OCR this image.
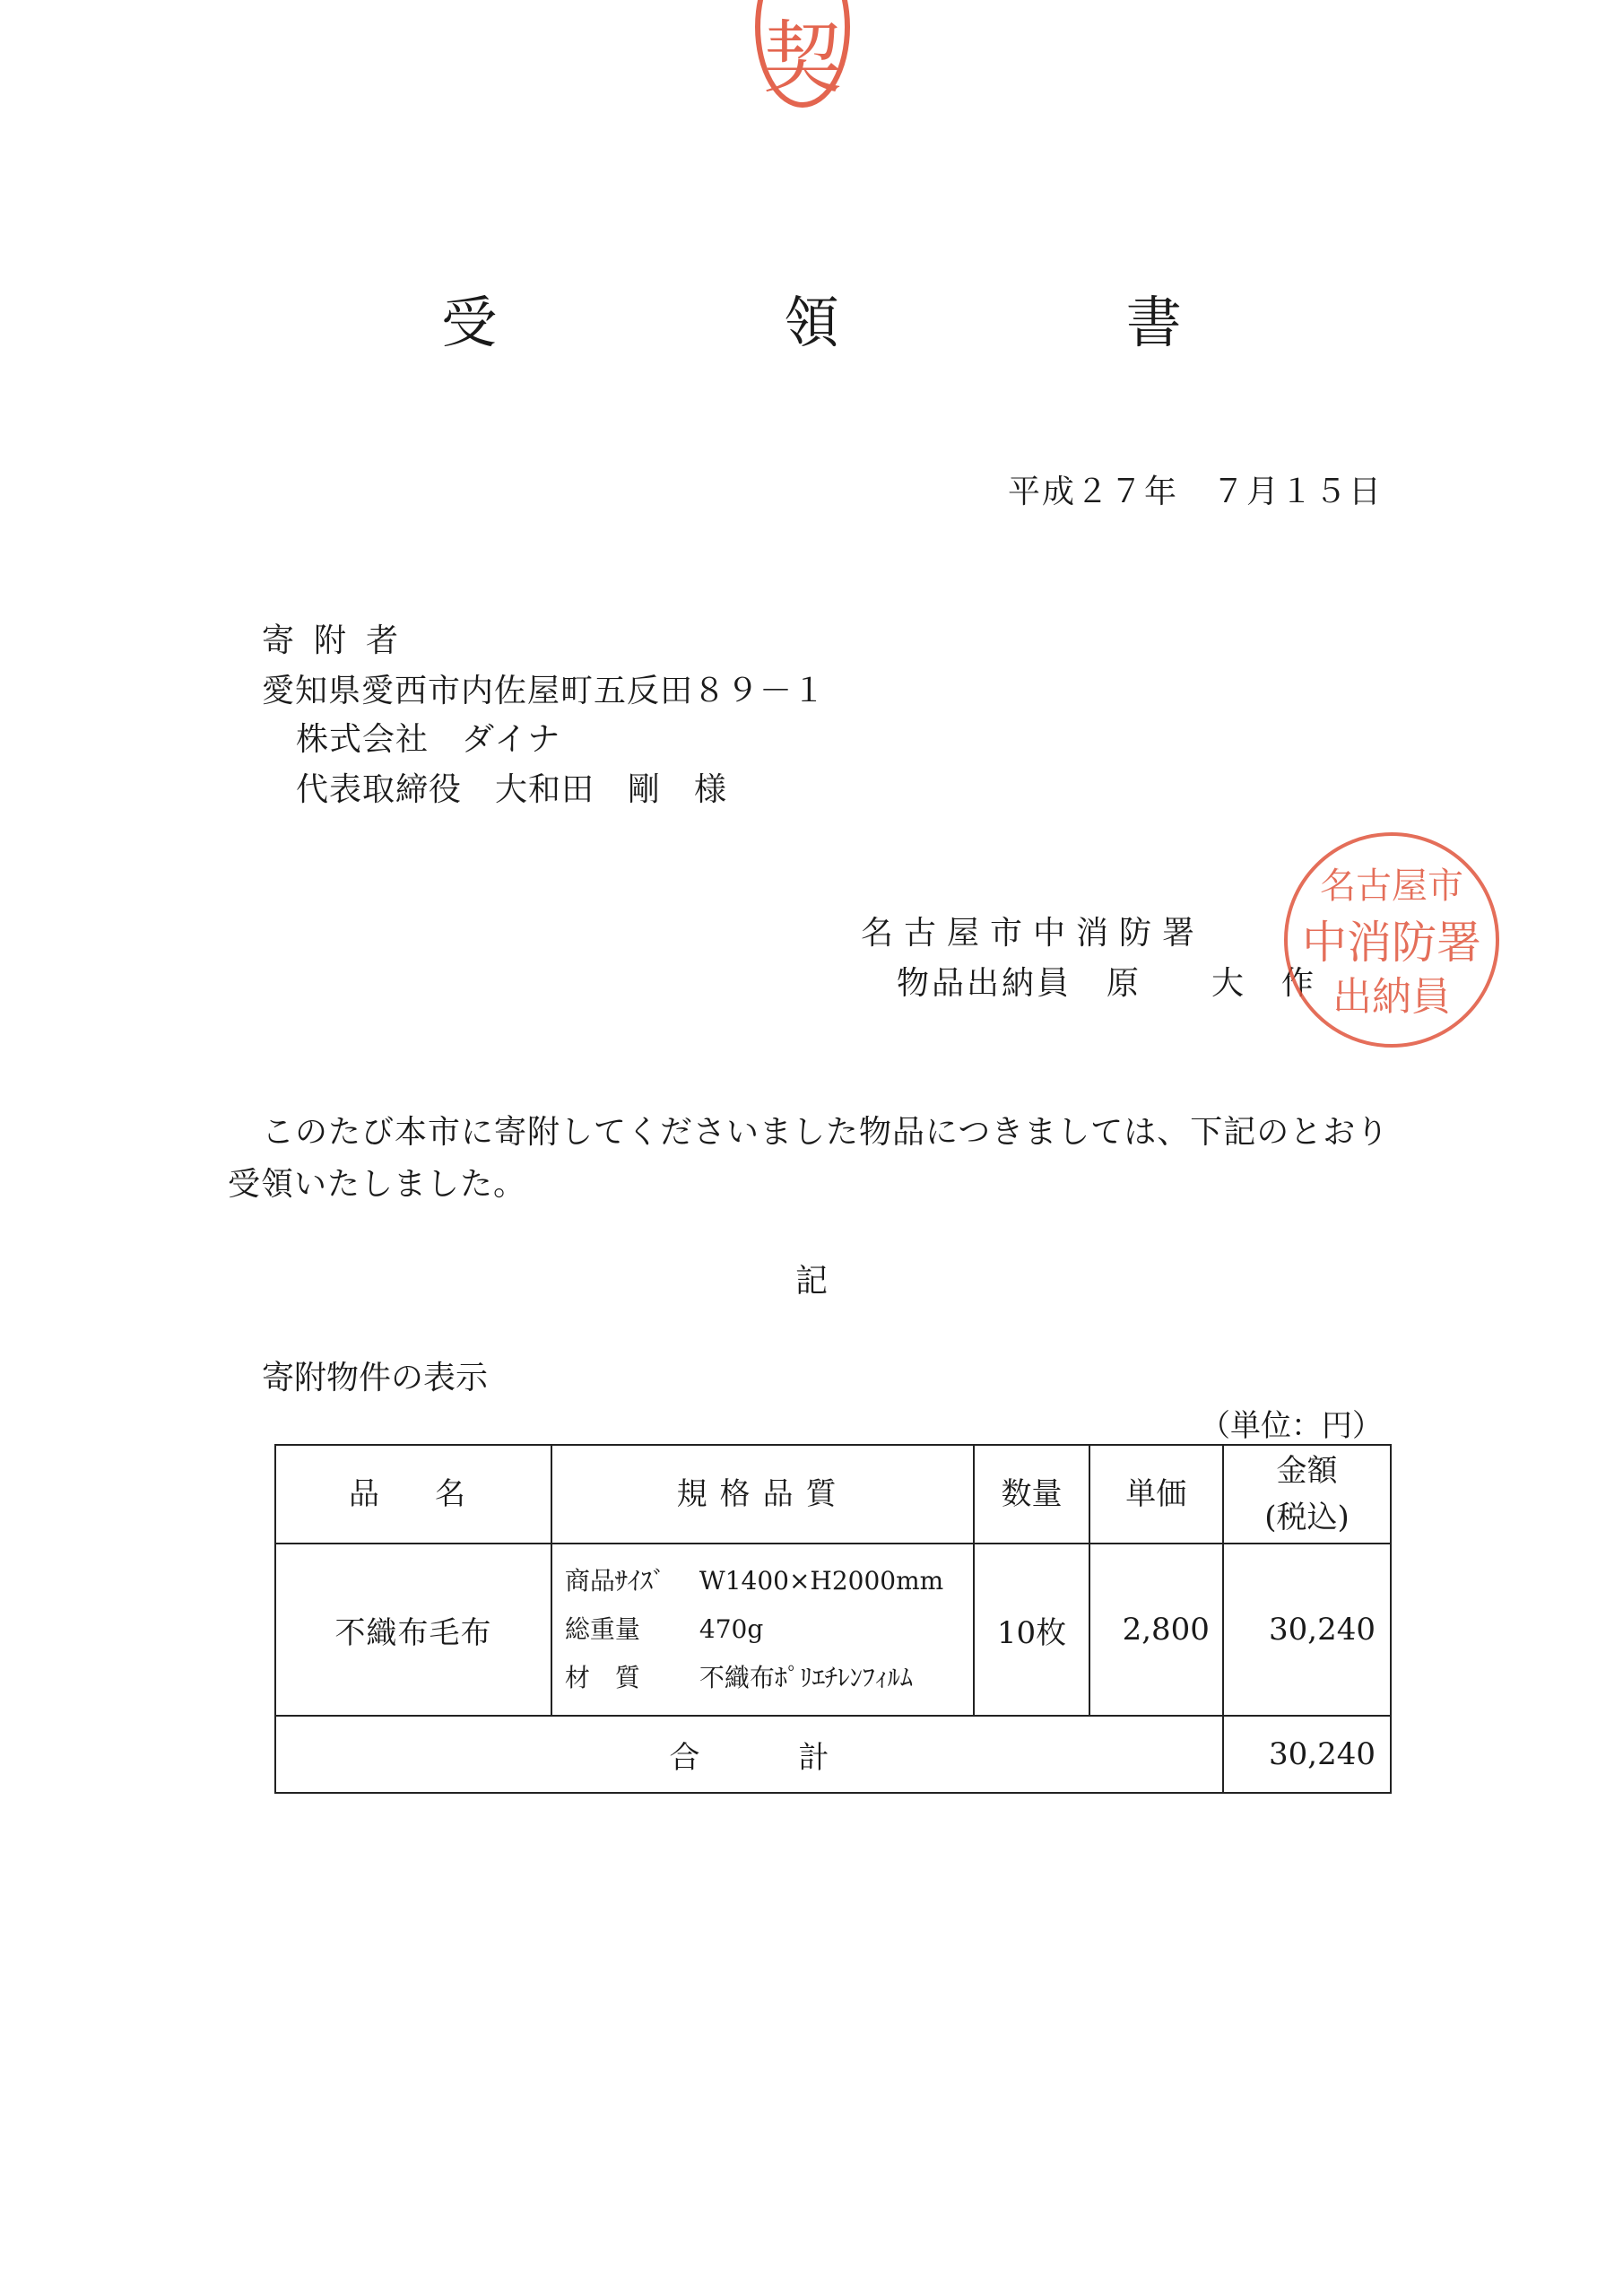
契
受 領 書
平成２７年　７月１５日
寄附者
愛知県愛西市内佐屋町五反田８９－１
株式会社　ダイナ
代表取締役　大和田　剛　様
名古屋市中消防署
物品出納員　原　　大　作
名古屋市
中消防署
出納員
このたび本市に寄附してくださいました物品につきましては、下記のとおり
受領いたしました。
記
寄附物件の表示
（単位：円）
品　名	規格品質	数量	単価	金額
(税込)
不織布毛布	商品ｻｲｽﾞ W1400×H2000mm
総重量 470g
材　質 不織布ﾎﾟﾘｴﾁﾚﾝﾌｨﾙﾑ	10枚	2,800	30,240
合計				30,240
